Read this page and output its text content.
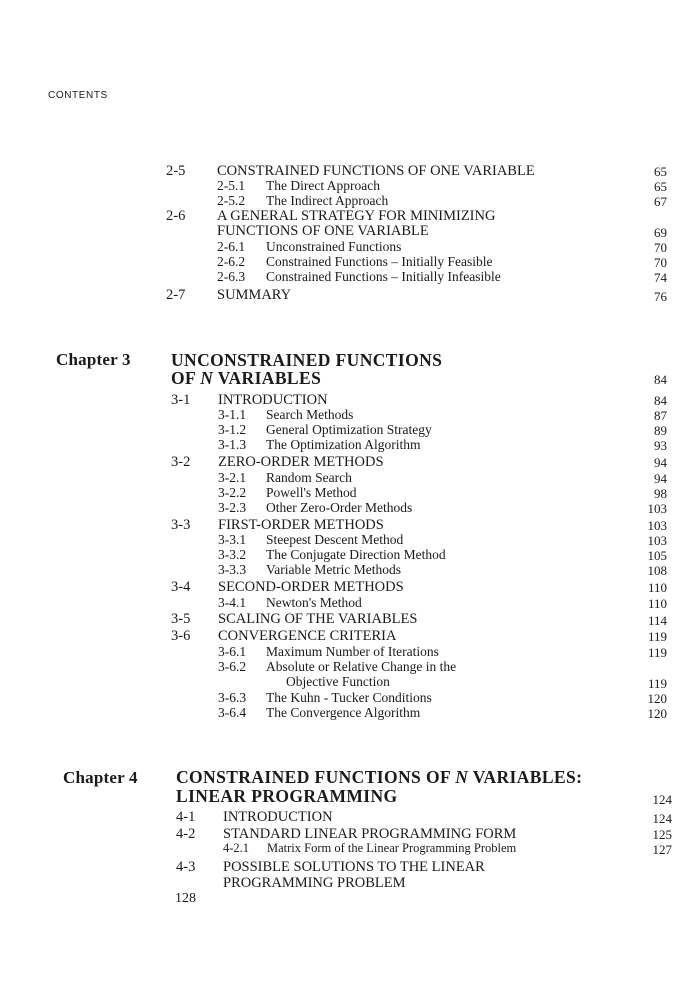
CONTENTS
2-5 CONSTRAINED FUNCTIONS OF ONE VARIABLE	65
2-5.1 The Direct Approach	65
2-5.2 The Indirect Approach	67
2-6 A GENERAL STRATEGY FOR MINIMIZING
FUNCTIONS OF ONE VARIABLE	69
2-6.1 Unconstrained Functions	70
2-6.2 Constrained Functions – Initially Feasible	70
2-6.3 Constrained Functions – Initially Infeasible	74
2-7 SUMMARY	76
Chapter 3 UNCONSTRAINED FUNCTIONS
OF N VARIABLES	84
3-1 INTRODUCTION	84
3-1.1 Search Methods	87
3-1.2 General Optimization Strategy	89
3-1.3 The Optimization Algorithm	93
3-2 ZERO-ORDER METHODS	94
3-2.1 Random Search	94
3-2.2 Powell's Method	98
3-2.3 Other Zero-Order Methods	103
3-3 FIRST-ORDER METHODS	103
3-3.1 Steepest Descent Method	103
3-3.2 The Conjugate Direction Method	105
3-3.3 Variable Metric Methods	108
3-4 SECOND-ORDER METHODS	110
3-4.1 Newton's Method	110
3-5 SCALING OF THE VARIABLES	114
3-6 CONVERGENCE CRITERIA	119
3-6.1 Maximum Number of Iterations	119
3-6.2 Absolute or Relative Change in the
Objective Function	119
3-6.3 The Kuhn - Tucker Conditions	120
3-6.4 The Convergence Algorithm	120
Chapter 4 CONSTRAINED FUNCTIONS OF N VARIABLES:
LINEAR PROGRAMMING	124
4-1 INTRODUCTION	124
4-2 STANDARD LINEAR PROGRAMMING FORM	125
4-2.1 Matrix Form of the Linear Programming Problem	127
4-3 POSSIBLE SOLUTIONS TO THE LINEAR
PROGRAMMING PROBLEM
128
